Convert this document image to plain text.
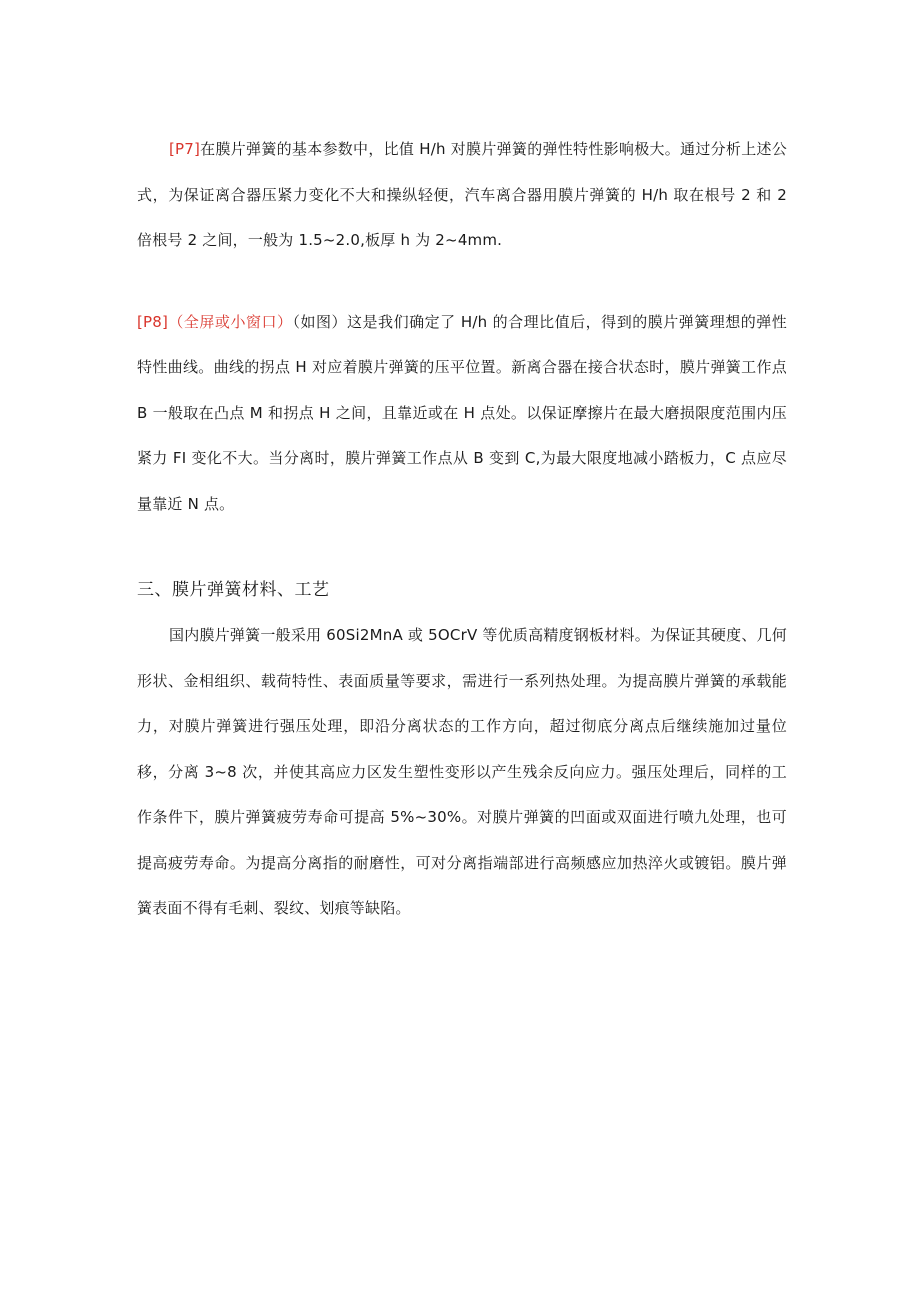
[P7]在膜片弹簧的基本参数中，比值 H/h 对膜片弹簧的弹性特性影响极大。通过分析上述公式，为保证离合器压紧力变化不大和操纵轻便，汽车离合器用膜片弹簧的 H/h 取在根号 2 和 2 倍根号 2 之间，一般为 1.5~2.0,板厚 h 为 2~4mm.

[P8]（全屏或小窗口）（如图）这是我们确定了 H/h 的合理比值后，得到的膜片弹簧理想的弹性特性曲线。曲线的拐点 H 对应着膜片弹簧的压平位置。新离合器在接合状态时，膜片弹簧工作点 B 一般取在凸点 M 和拐点 H 之间，且靠近或在 H 点处。以保证摩擦片在最大磨损限度范围内压紧力 FI 变化不大。当分离时，膜片弹簧工作点从 B 变到 C,为最大限度地减小踏板力，C 点应尽量靠近 N 点。

三、膜片弹簧材料、工艺

国内膜片弹簧一般采用 60Si2MnA 或 5OCrV 等优质高精度钢板材料。为保证其硬度、几何形状、金相组织、载荷特性、表面质量等要求，需进行一系列热处理。为提高膜片弹簧的承载能力，对膜片弹簧进行强压处理，即沿分离状态的工作方向，超过彻底分离点后继续施加过量位移，分离 3~8 次，并使其高应力区发生塑性变形以产生残余反向应力。强压处理后，同样的工作条件下，膜片弹簧疲劳寿命可提高 5%~30%。对膜片弹簧的凹面或双面进行喷九处理，也可提高疲劳寿命。为提高分离指的耐磨性，可对分离指端部进行高频感应加热淬火或镀铝。膜片弹簧表面不得有毛刺、裂纹、划痕等缺陷。
